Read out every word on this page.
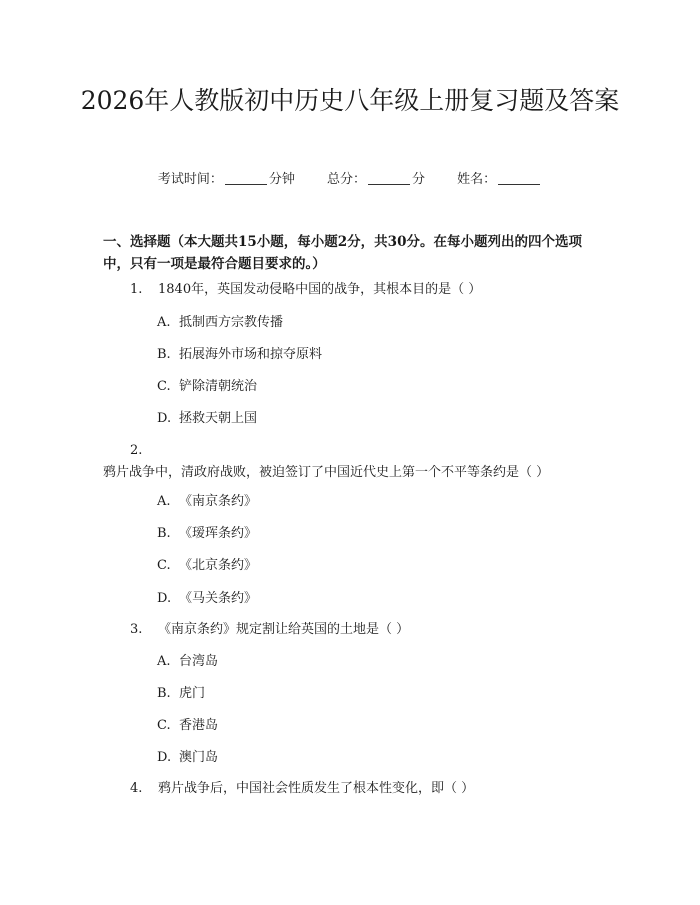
2026年人教版初中历史八年级上册复习题及答案
考试时间：	分钟 总分：	分 姓名：
一、选择题（本大题共15小题，每小题2分，共30分。在每小题列出的四个选项中，只有一项是最符合题目要求的。）
1. 1840年，英国发动侵略中国的战争，其根本目的是（ ）
A. 抵制西方宗教传播
B. 拓展海外市场和掠夺原料
C. 铲除清朝统治
D. 拯救天朝上国
2.鸦片战争中，清政府战败，被迫签订了中国近代史上第一个不平等条约是（ ）
A. 《南京条约》
B. 《瑷珲条约》
C. 《北京条约》
D. 《马关条约》
3. 《南京条约》规定割让给英国的土地是（ ）
A. 台湾岛
B. 虎门
C. 香港岛
D. 澳门岛
4. 鸦片战争后，中国社会性质发生了根本性变化，即（ ）
